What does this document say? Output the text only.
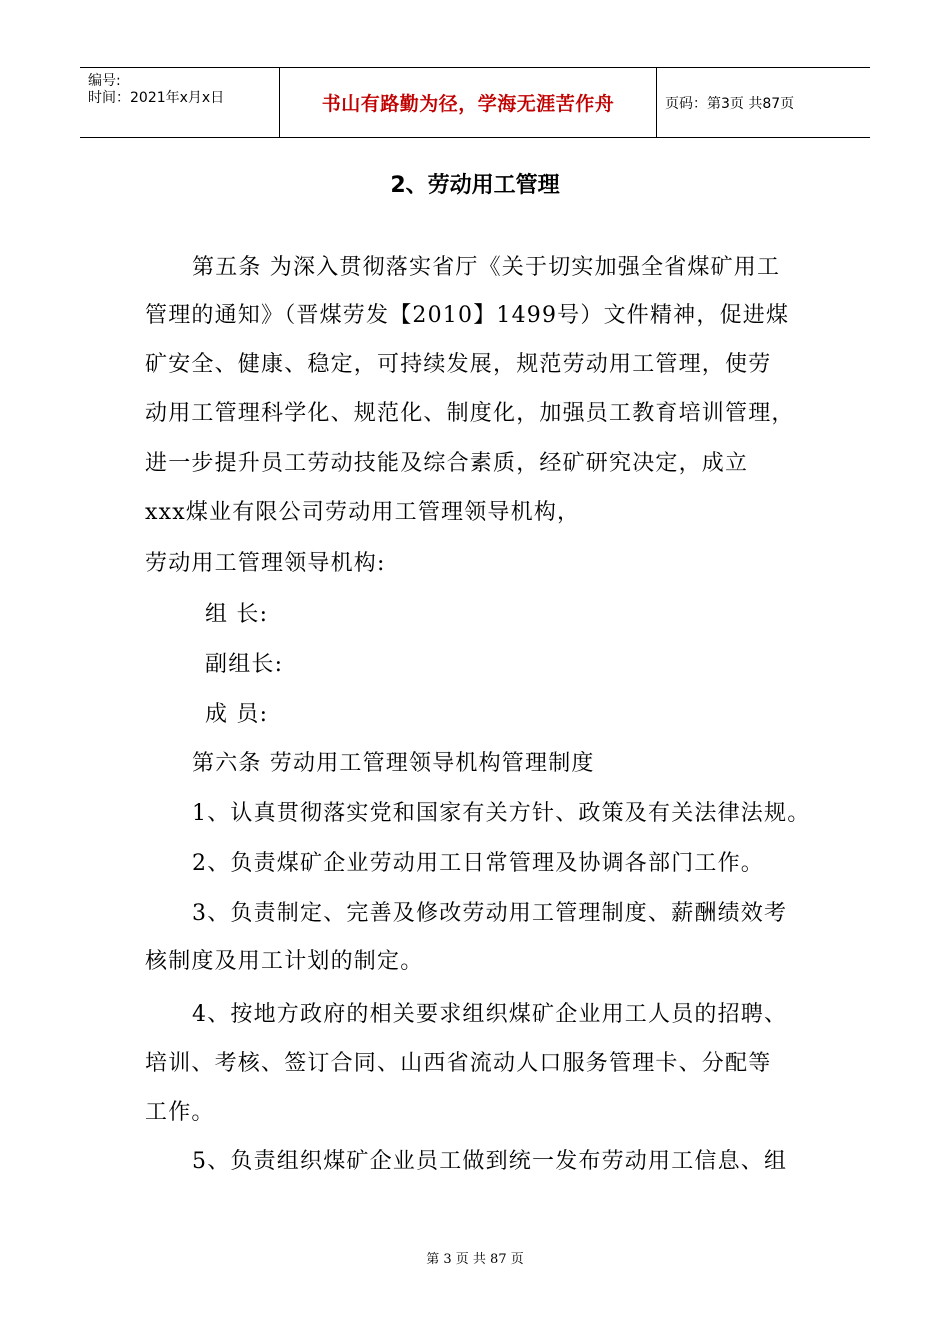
编号:
时间：2021年x月x日	书山有路勤为径，学海无涯苦作舟	页码：第3页 共87页
2、劳动用工管理
第五条 为深入贯彻落实省厅《关于切实加强全省煤矿用工
管理的通知》（晋煤劳发【2010】1499号）文件精神，促进煤
矿安全、健康、稳定，可持续发展，规范劳动用工管理，使劳
动用工管理科学化、规范化、制度化，加强员工教育培训管理，
进一步提升员工劳动技能及综合素质，经矿研究决定，成立
xxx煤业有限公司劳动用工管理领导机构，
劳动用工管理领导机构:
组 长:
副组长:
成 员:
第六条 劳动用工管理领导机构管理制度
1、认真贯彻落实党和国家有关方针、政策及有关法律法规。
2、负责煤矿企业劳动用工日常管理及协调各部门工作。
3、负责制定、完善及修改劳动用工管理制度、薪酬绩效考
核制度及用工计划的制定。
4、按地方政府的相关要求组织煤矿企业用工人员的招聘、
培训、考核、签订合同、山西省流动人口服务管理卡、分配等
工作。
5、负责组织煤矿企业员工做到统一发布劳动用工信息、组
第 3 页 共 87 页
